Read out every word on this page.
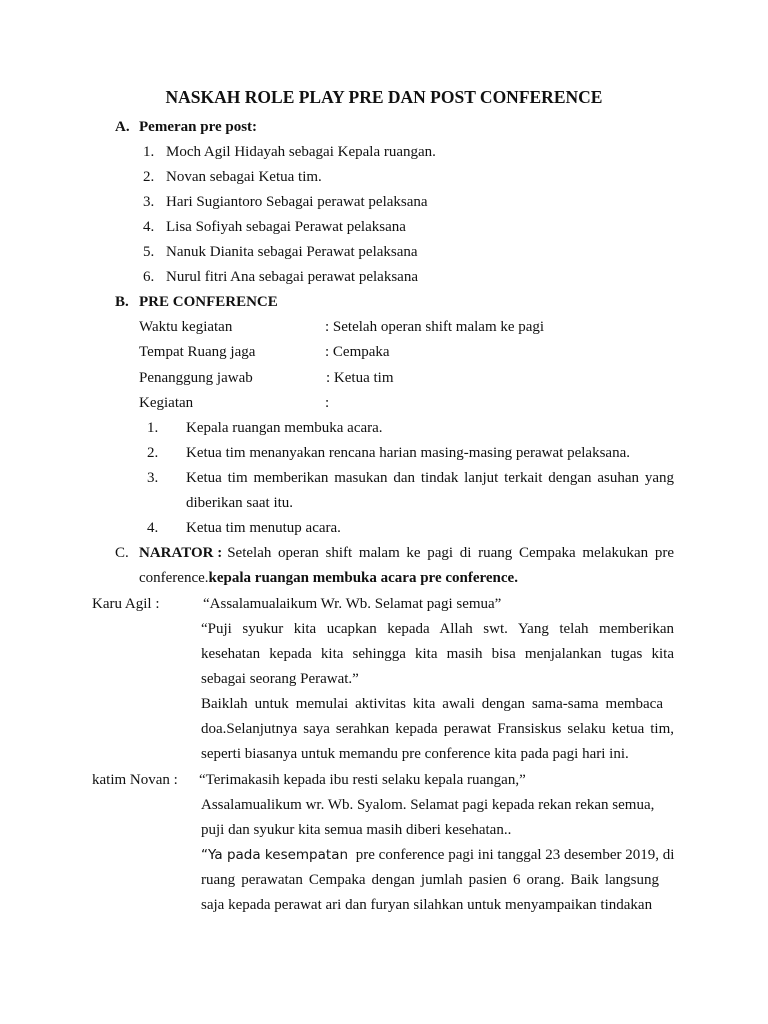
NASKAH ROLE PLAY PRE DAN POST CONFERENCE
A. Pemeran pre post:
1. Moch Agil Hidayah sebagai Kepala ruangan.
2. Novan sebagai Ketua tim.
3. Hari Sugiantoro Sebagai perawat pelaksana
4. Lisa Sofiyah sebagai Perawat pelaksana
5. Nanuk Dianita sebagai Perawat pelaksana
6. Nurul fitri Ana sebagai perawat pelaksana
B. PRE CONFERENCE
Waktu kegiatan	: Setelah operan shift malam ke pagi
Tempat Ruang jaga	: Cempaka
Penanggung jawab	: Ketua tim
Kegiatan	:
1. Kepala ruangan membuka acara.
2. Ketua tim menanyakan rencana harian masing-masing perawat pelaksana.
3. Ketua tim memberikan masukan dan tindak lanjut terkait dengan asuhan yang
diberikan saat itu.
4. Ketua tim menutup acara.
C. NARATOR : Setelah operan shift malam ke pagi di ruang Cempaka melakukan pre
conference.kepala ruangan membuka acara pre conference.
Karu Agil :	“Assalamualaikum Wr. Wb. Selamat pagi semua”
“Puji syukur kita ucapkan kepada Allah swt. Yang telah memberikan
kesehatan kepada kita sehingga kita masih bisa menjalankan tugas kita
sebagai seorang Perawat.”
Baiklah untuk memulai aktivitas kita awali dengan sama-sama membaca
doa.Selanjutnya saya serahkan kepada perawat Fransiskus selaku ketua tim,
seperti biasanya untuk memandu pre conference kita pada pagi hari ini.
katim Novan : “Terimakasih kepada ibu resti selaku kepala ruangan,”
Assalamualikum wr. Wb. Syalom. Selamat pagi kepada rekan rekan semua,
puji dan syukur kita semua masih diberi kesehatan..
“Ya pada kesempatan pre conference pagi ini tanggal 23 desember 2019, di
ruang perawatan Cempaka dengan jumlah pasien 6 orang. Baik langsung
saja kepada perawat ari dan furyan silahkan untuk menyampaikan tindakan
